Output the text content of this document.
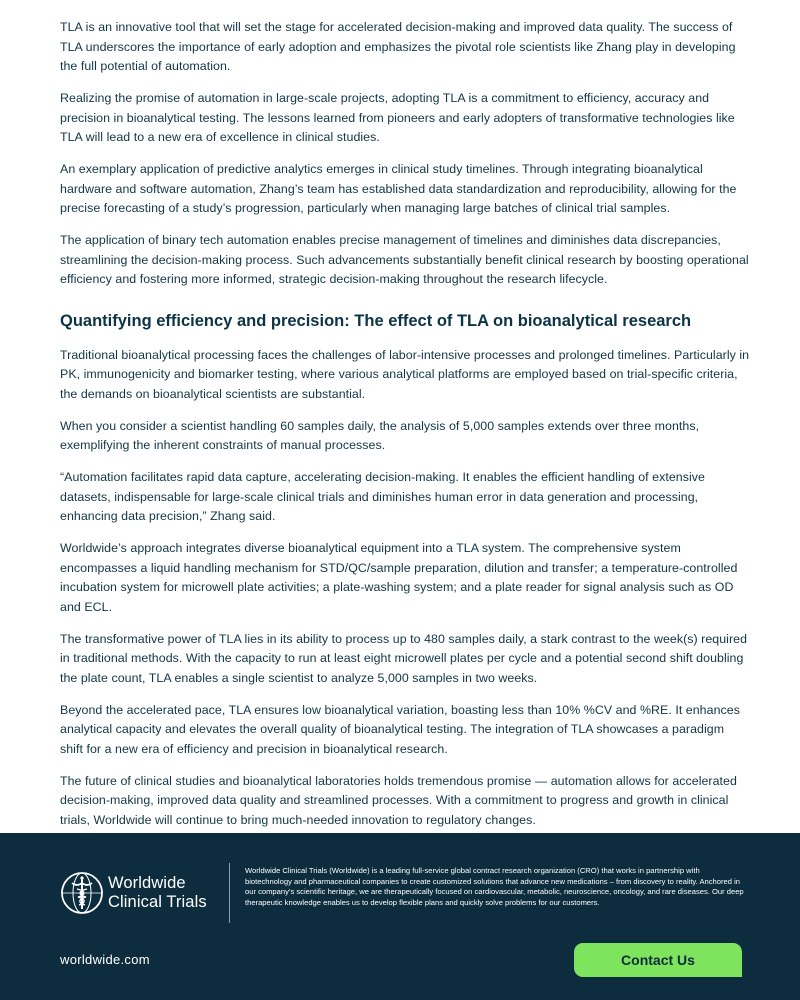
TLA is an innovative tool that will set the stage for accelerated decision-making and improved data quality. The success of TLA underscores the importance of early adoption and emphasizes the pivotal role scientists like Zhang play in developing the full potential of automation.

Realizing the promise of automation in large-scale projects, adopting TLA is a commitment to efficiency, accuracy and precision in bioanalytical testing. The lessons learned from pioneers and early adopters of transformative technologies like TLA will lead to a new era of excellence in clinical studies.

An exemplary application of predictive analytics emerges in clinical study timelines. Through integrating bioanalytical hardware and software automation, Zhang’s team has established data standardization and reproducibility, allowing for the precise forecasting of a study’s progression, particularly when managing large batches of clinical trial samples.

The application of binary tech automation enables precise management of timelines and diminishes data discrepancies, streamlining the decision-making process. Such advancements substantially benefit clinical research by boosting operational efficiency and fostering more informed, strategic decision-making throughout the research lifecycle.

Quantifying efficiency and precision: The effect of TLA on bioanalytical research

Traditional bioanalytical processing faces the challenges of labor-intensive processes and prolonged timelines. Particularly in PK, immunogenicity and biomarker testing, where various analytical platforms are employed based on trial-specific criteria, the demands on bioanalytical scientists are substantial.

When you consider a scientist handling 60 samples daily, the analysis of 5,000 samples extends over three months, exemplifying the inherent constraints of manual processes.

“Automation facilitates rapid data capture, accelerating decision-making. It enables the efficient handling of extensive datasets, indispensable for large-scale clinical trials and diminishes human error in data generation and processing, enhancing data precision,” Zhang said.

Worldwide’s approach integrates diverse bioanalytical equipment into a TLA system. The comprehensive system encompasses a liquid handling mechanism for STD/QC/sample preparation, dilution and transfer; a temperature-controlled incubation system for microwell plate activities; a plate-washing system; and a plate reader for signal analysis such as OD and ECL.

The transformative power of TLA lies in its ability to process up to 480 samples daily, a stark contrast to the week(s) required in traditional methods. With the capacity to run at least eight microwell plates per cycle and a potential second shift doubling the plate count, TLA enables a single scientist to analyze 5,000 samples in two weeks.

Beyond the accelerated pace, TLA ensures low bioanalytical variation, boasting less than 10% %CV and %RE. It enhances analytical capacity and elevates the overall quality of bioanalytical testing. The integration of TLA showcases a paradigm shift for a new era of efficiency and precision in bioanalytical research.

The future of clinical studies and bioanalytical laboratories holds tremendous promise — automation allows for accelerated decision-making, improved data quality and streamlined processes. With a commitment to progress and growth in clinical trials, Worldwide will continue to bring much-needed innovation to regulatory changes.

Worldwide
Clinical Trials

Worldwide Clinical Trials (Worldwide) is a leading full-service global contract research organization (CRO) that works in partnership with biotechnology and pharmaceutical companies to create customized solutions that advance new medications – from discovery to reality. Anchored in our company’s scientific heritage, we are therapeutically focused on cardiovascular, metabolic, neuroscience, oncology, and rare diseases. Our deep therapeutic knowledge enables us to develop flexible plans and quickly solve problems for our customers.

worldwide.com	Contact Us
